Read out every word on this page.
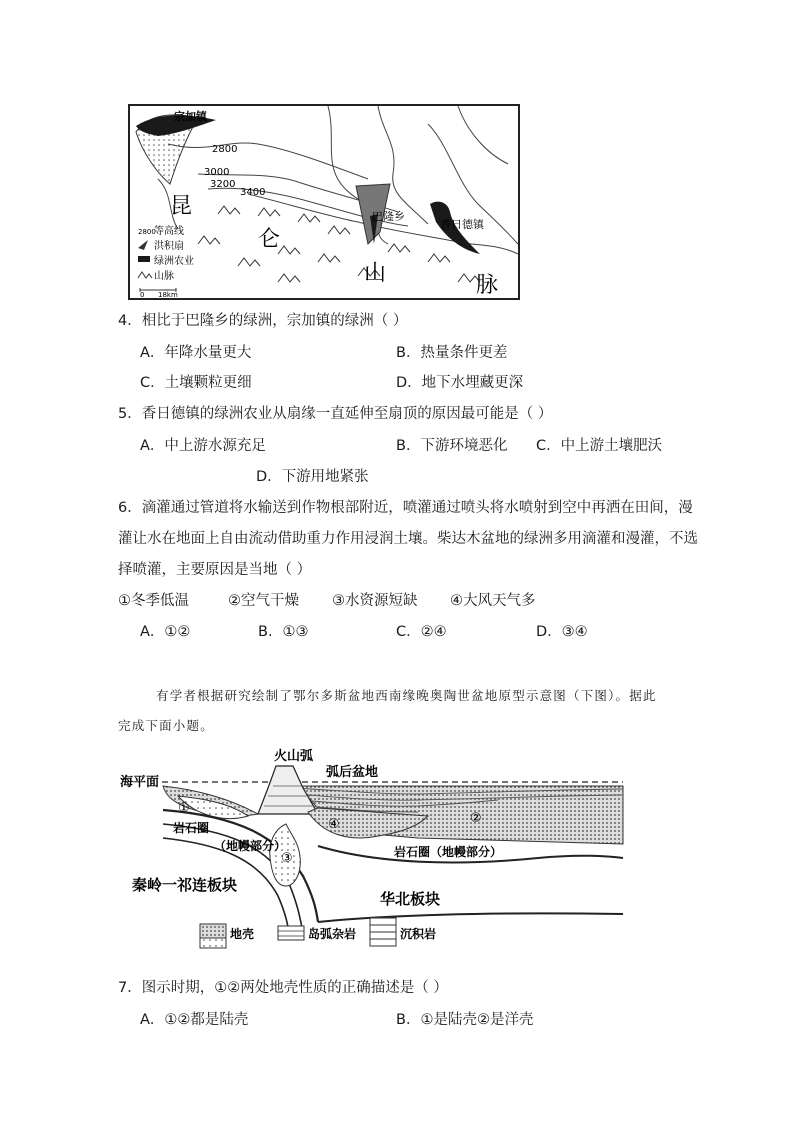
宗加镇
巴隆乡
香日德镇
2800
3000
3200
3400
昆
仑
山	脉
2800
等高线
洪积扇
绿洲农业
山脉
0 18km
4．相比于巴隆乡的绿洲，宗加镇的绿洲（ ）
A．年降水量更大	B．热量条件更差
C．土壤颗粒更细	D．地下水埋藏更深
5．香日德镇的绿洲农业从扇缘一直延伸至扇顶的原因最可能是（ ）
A．中上游水源充足	B．下游环境恶化 C．中上游土壤肥沃
D．下游用地紧张
6．滴灌通过管道将水输送到作物根部附近，喷灌通过喷头将水喷射到空中再洒在田间，漫
灌让水在地面上自由流动借助重力作用浸润土壤。柴达木盆地的绿洲多用滴灌和漫灌，不选
择喷灌，主要原因是当地（ ）
①冬季低温	②空气干燥 ③水资源短缺 ④大风天气多
A．①②	B．①③	C．②④	D．③④
有学者根据研究绘制了鄂尔多斯盆地西南缘晚奥陶世盆地原型示意图（下图）。据此
完成下面小题。
海平面
火山弧
弧后盆地
①
②
③
④
岩石圈
（地幔部分）	岩石圈（地幔部分）
秦岭一祁连板块
华北板块
地壳	岛弧杂岩	沉积岩
7．图示时期，①②两处地壳性质的正确描述是（ ）
A．①②都是陆壳	B．①是陆壳②是洋壳
